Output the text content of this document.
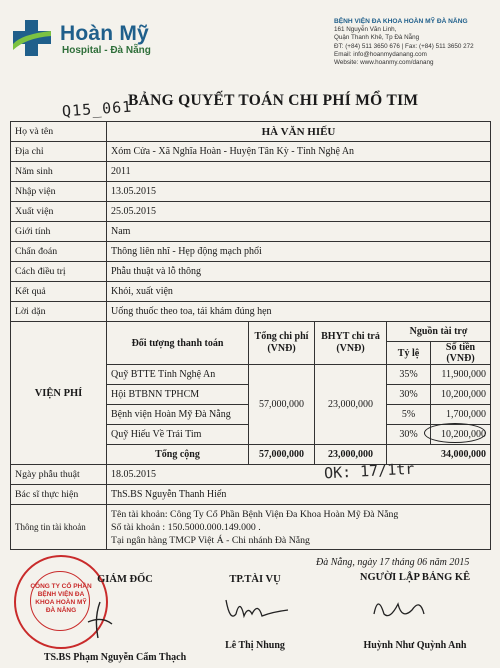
Hoàn Mỹ
Hospital - Đà Nẵng
BỆNH VIỆN ĐA KHOA HOÀN MỸ ĐÀ NẴNG
161 Nguyễn Văn Linh,
Quận Thanh Khê, Tp Đà Nẵng
ĐT: (+84) 511 3650 676 | Fax: (+84) 511 3650 272
Email: info@hoanmydanang.com
Website: www.hoanmy.com/danang
Q15_061
BẢNG QUYẾT TOÁN CHI PHÍ MỔ TIM
Họ và tên	HÀ VĂN HIẾU				
Địa chỉ	Xóm Cửa - Xã Nghĩa Hoàn - Huyện Tân Kỳ - Tỉnh Nghệ An				
Năm sinh	2011				
Nhập viện	13.05.2015				
Xuất viện	25.05.2015				
Giới tính	Nam				
Chẩn đoán	Thông liên nhĩ - Hẹp động mạch phổi				
Cách điều trị	Phẫu thuật và lỗ thông				
Kết quả	Khỏi, xuất viện				
Lời dặn	Uống thuốc theo toa, tái khám đúng hẹn				
VIỆN PHÍ	Đối tượng thanh toán	Tổng chi phí (VNĐ)	BHYT chi trả (VNĐ)	Nguồn tài trợ	
				Tỷ lệ	Số tiền (VNĐ)
	Quỹ BTTE Tỉnh Nghệ An	57,000,000	23,000,000	35%	11,900,000
	Hội BTBNN TPHCM			30%	10,200,000
	Bệnh viện Hoàn Mỹ Đà Nẵng			5%	1,700,000
	Quỹ Hiếu Về Trái Tim			30%	10,200,000
	Tổng cộng	57,000,000	23,000,000	34,000,000	
Ngày phẫu thuật	18.05.2015				
Bác sĩ thực hiện	ThS.BS Nguyễn Thanh Hiển				
Thông tin tài khoản	Tên tài khoản: Công Ty Cổ Phần Bệnh Viện Đa Khoa Hoàn Mỹ Đà Nẵng
Số tài khoản : 150.5000.000.149.000 .
Tại ngân hàng TMCP Việt Á - Chi nhánh Đà Nẵng				
OK: 17/1tr
Đà Nẵng, ngày 17 tháng 06 năm 2015
CÔNG TY CỔ PHẦN BỆNH VIỆN ĐA KHOA HOÀN MỸ ĐÀ NẴNG
GIÁM ĐỐC
TS.BS Phạm Nguyễn Cẩm Thạch
TP.TÀI VỤ
Lê Thị Nhung
NGƯỜI LẬP BẢNG KÊ
Huỳnh Như Quỳnh Anh
